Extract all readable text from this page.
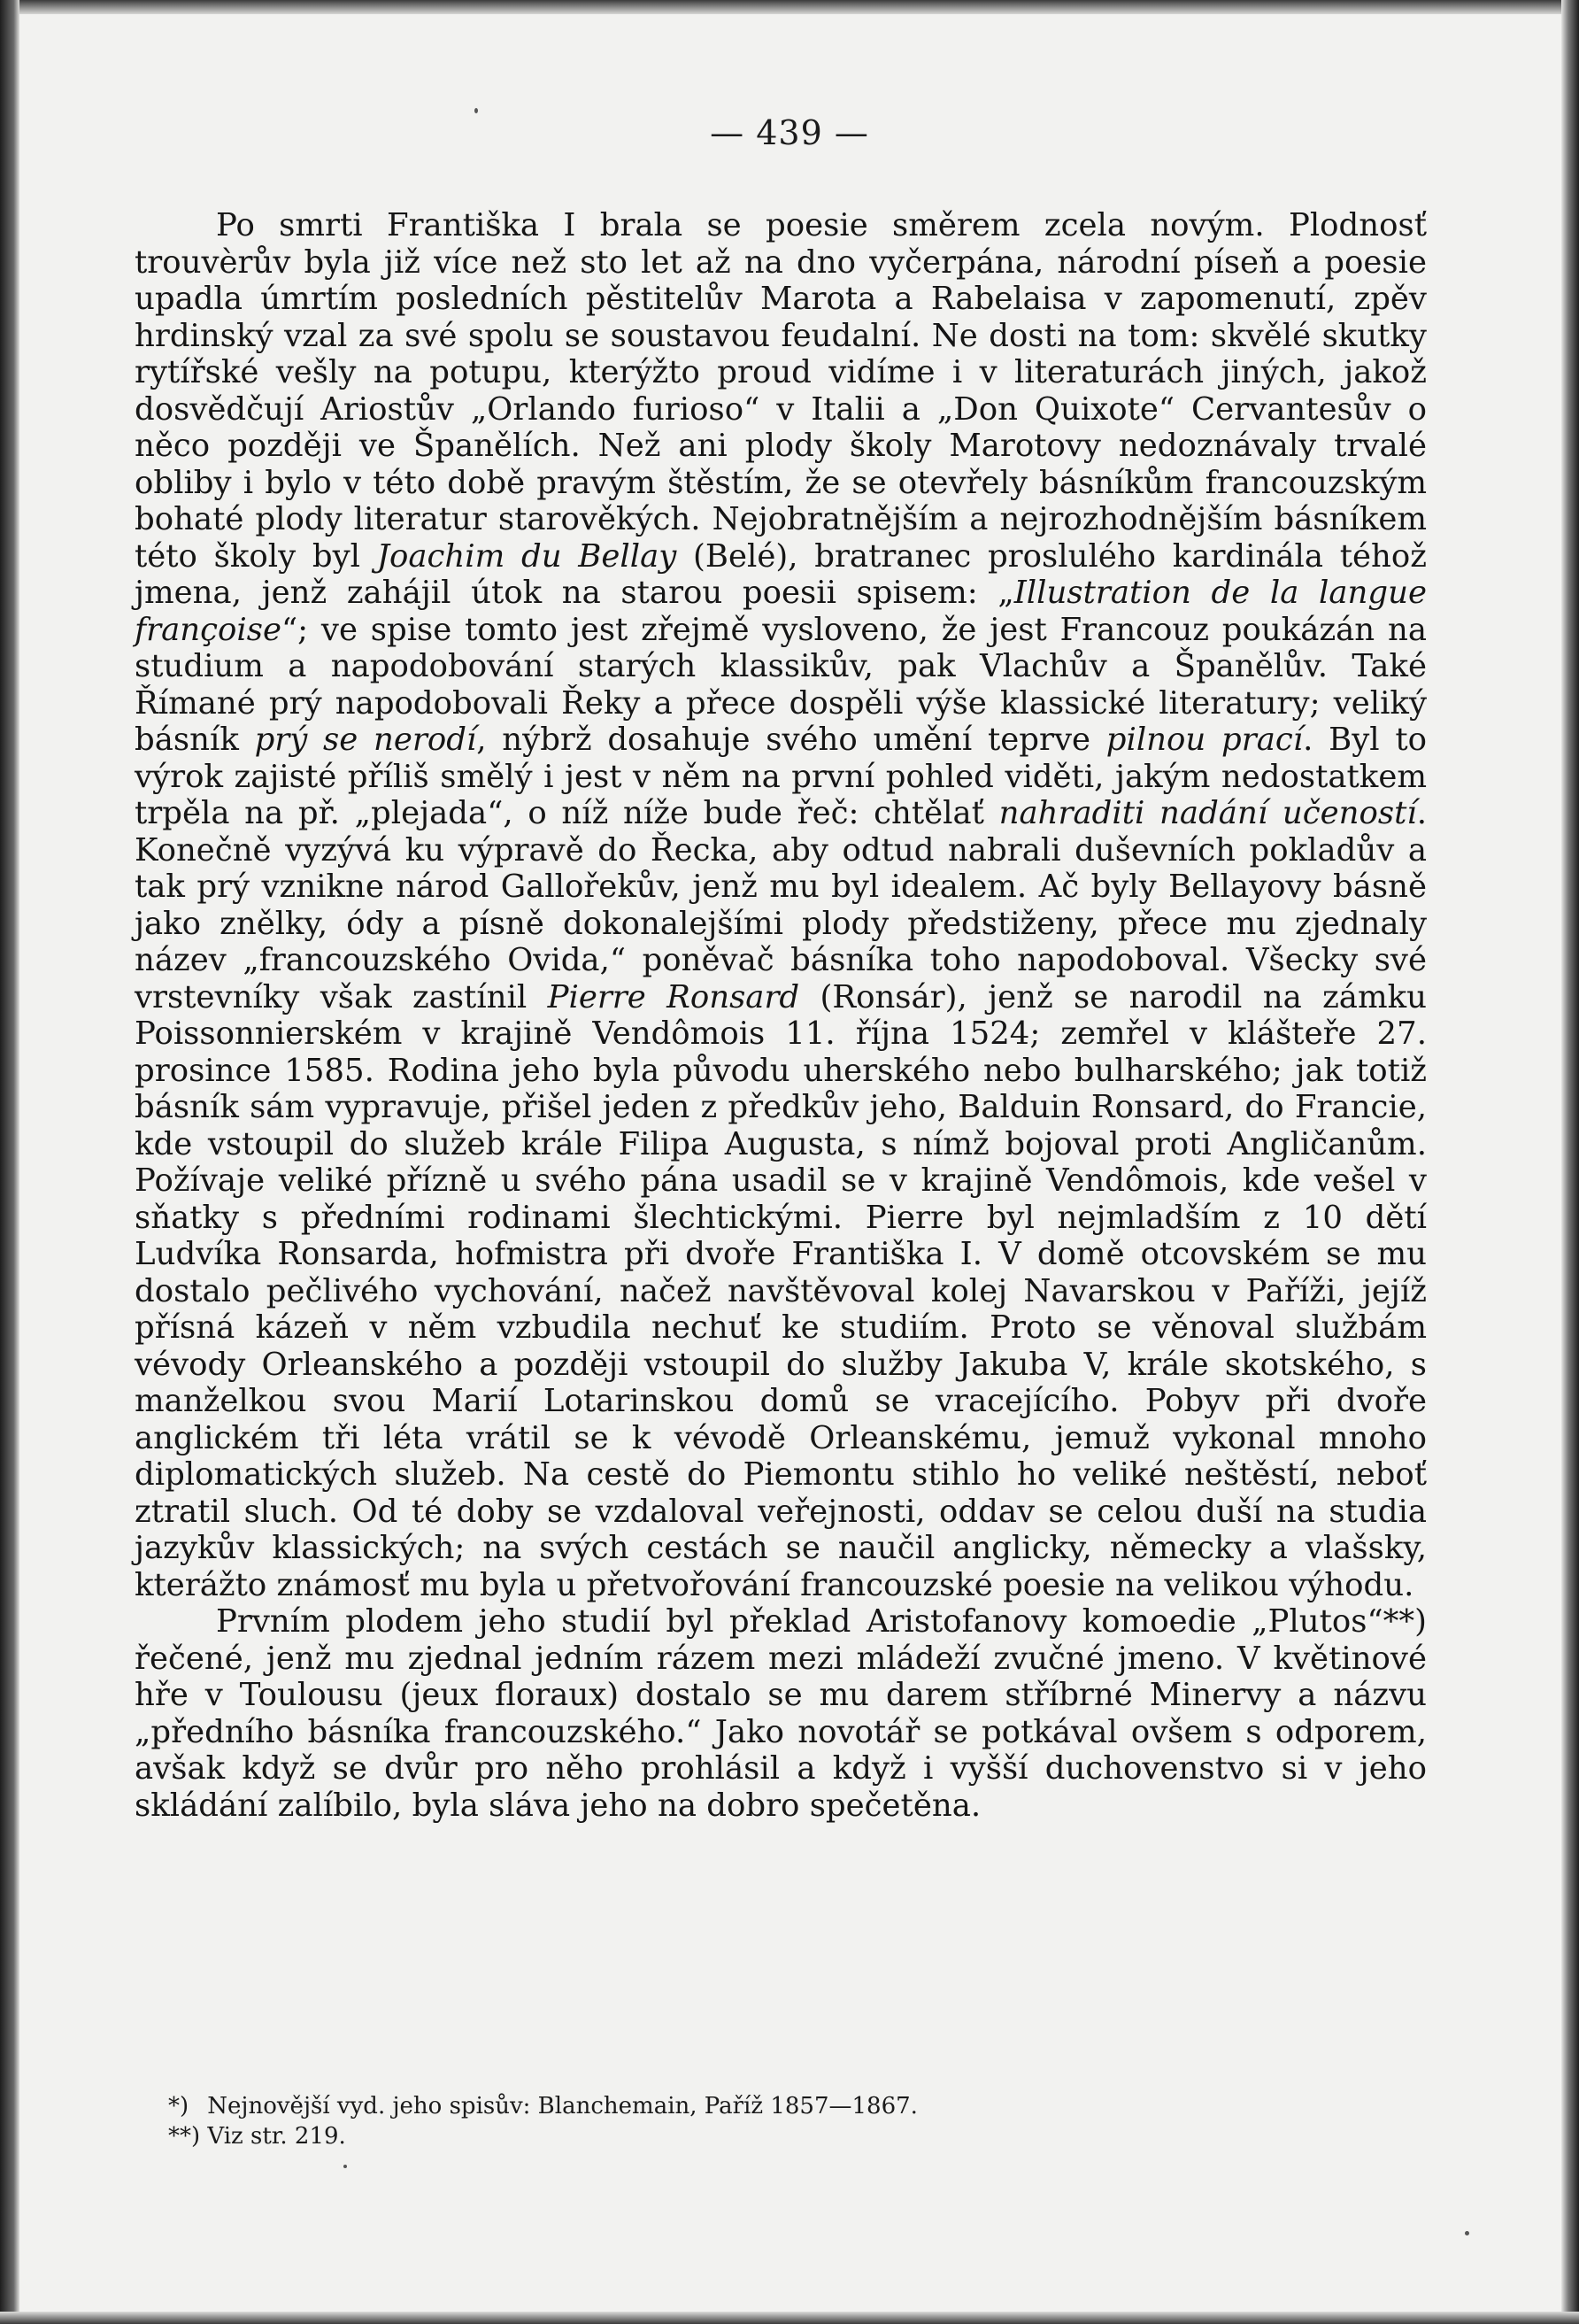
— 439 —

Po smrti Františka I brala se poesie směrem zcela novým. Plodnosť trouvèrův byla již více než sto let až na dno vyčerpána, národní píseň a poesie upadla úmrtím posledních pěstitelův Marota a Rabelaisa v zapomenutí, zpěv hrdinský vzal za své spolu se soustavou feudalní. Ne dosti na tom: skvělé skutky rytířské vešly na potupu, kterýžto proud vidíme i v literaturách jiných, jakož dosvědčují Ariostův „Orlando furioso“ v Italii a „Don Quixote“ Cervantesův o něco později ve Španělích. Než ani plody školy Marotovy nedoznávaly trvalé obliby i bylo v této době pravým štěstím, že se otevřely básníkům francouzským bohaté plody literatur starověkých. Nejobratnějším a nejrozhodnějším básníkem této školy byl Joachim du Bellay (Belé), bratranec proslulého kardinála téhož jmena, jenž zahájil útok na starou poesii spisem: „Illustration de la langue françoise“; ve spise tomto jest zřejmě vysloveno, že jest Francouz poukázán na studium a napodobování starých klassikův, pak Vlachův a Španělův. Také Římané prý napodobovali Řeky a přece dospěli výše klassické literatury; veliký básník prý se nerodí, nýbrž dosahuje svého umění teprve pilnou prací. Byl to výrok zajisté příliš smělý i jest v něm na první pohled viděti, jakým nedostatkem trpěla na př. „plejada“, o níž níže bude řeč: chtělať nahraditi nadání učeností. Konečně vyzývá ku výpravě do Řecka, aby odtud nabrali duševních pokladův a tak prý vznikne národ Gallořekův, jenž mu byl idealem. Ač byly Bellayovy básně jako znělky, ódy a písně dokonalejšími plody předstiženy, přece mu zjednaly název „francouzského Ovida,“ poněvač básníka toho napodoboval. Všecky své vrstevníky však zastínil Pierre Ronsard (Ronsár), jenž se narodil na zámku Poissonnierském v krajině Vendômois 11. října 1524; zemřel v klášteře 27. prosince 1585. Rodina jeho byla původu uherského nebo bulharského; jak totiž básník sám vypravuje, přišel jeden z předkův jeho, Balduin Ronsard, do Francie, kde vstoupil do služeb krále Filipa Augusta, s nímž bojoval proti Angličanům. Požívaje veliké přízně u svého pána usadil se v krajině Vendômois, kde vešel v sňatky s předními rodinami šlechtickými. Pierre byl nejmladším z 10 dětí Ludvíka Ronsarda, hofmistra při dvoře Františka I. V domě otcovském se mu dostalo pečlivého vychování, načež navštěvoval kolej Navarskou v Paříži, jejíž přísná kázeň v něm vzbudila nechuť ke studiím. Proto se věnoval službám vévody Orleanského a později vstoupil do služby Jakuba V, krále skotského, s manželkou svou Marií Lotarinskou domů se vracejícího. Pobyv při dvoře anglickém tři léta vrátil se k vévodě Orleanskému, jemuž vykonal mnoho diplomatických služeb. Na cestě do Piemontu stihlo ho veliké neštěstí, neboť ztratil sluch. Od té doby se vzdaloval veřejnosti, oddav se celou duší na studia jazykův klassických; na svých cestách se naučil anglicky, německy a vlašsky, kterážto známosť mu byla u přetvořování francouzské poesie na velikou výhodu.

Prvním plodem jeho studií byl překlad Aristofanovy komoedie „Plutos“**) řečené, jenž mu zjednal jedním rázem mezi mládeží zvučné jmeno. V květinové hře v Toulousu (jeux floraux) dostalo se mu darem stříbrné Minervy a názvu „předního básníka francouzského.“ Jako novotář se potkával ovšem s odporem, avšak když se dvůr pro něho prohlásil a když i vyšší duchovenstvo si v jeho skládání zalíbilo, byla sláva jeho na dobro spečetěna.

*) Nejnovější vyd. jeho spisův: Blanchemain, Paříž 1857—1867.
**) Viz str. 219.
